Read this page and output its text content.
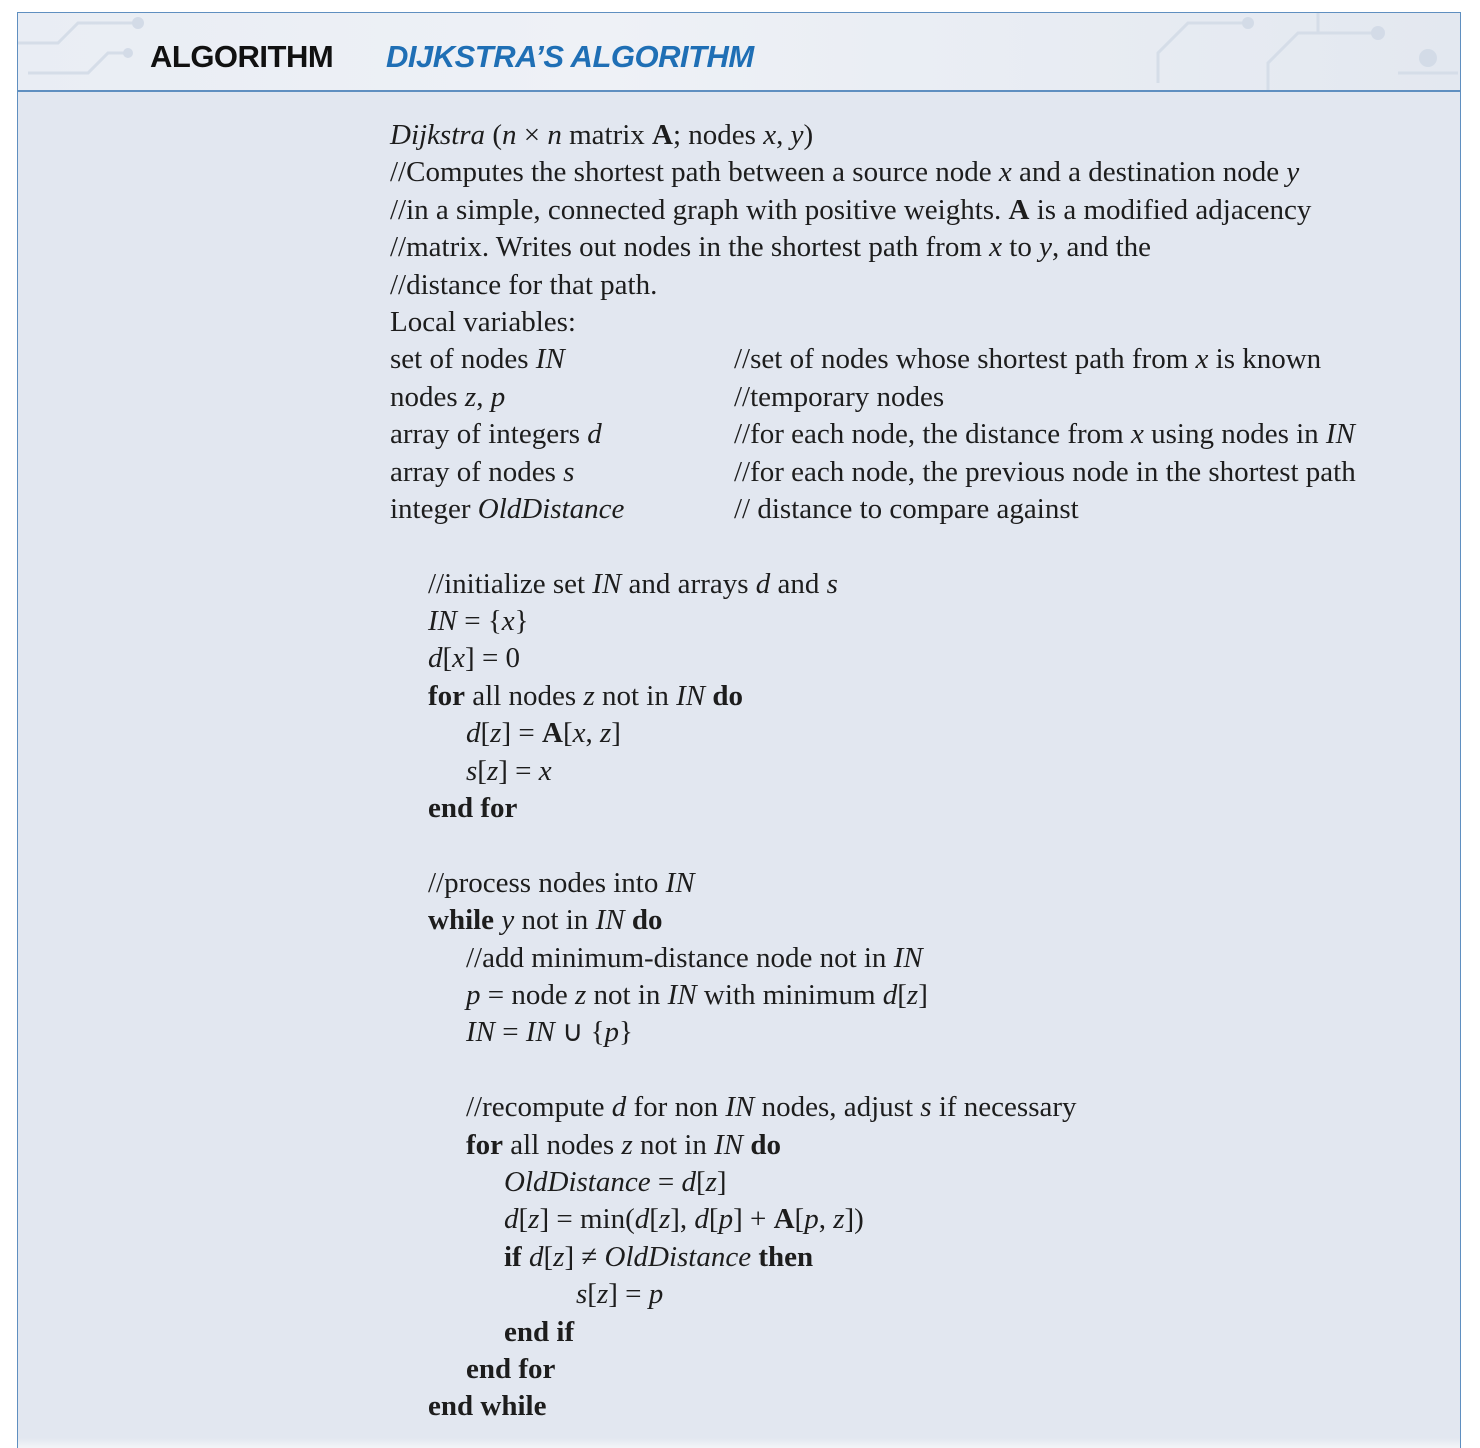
ALGORITHM DIJKSTRA’S ALGORITHM
Dijkstra (n × n matrix A; nodes x, y)
//Computes the shortest path between a source node x and a destination node y
//in a simple, connected graph with positive weights. A is a modified adjacency
//matrix. Writes out nodes in the shortest path from x to y, and the
//distance for that path.
Local variables:
set of nodes IN	//set of nodes whose shortest path from x is known
nodes z, p	//temporary nodes
array of integers d	//for each node, the distance from x using nodes in IN
array of nodes s	//for each node, the previous node in the shortest path
integer OldDistance	// distance to compare against
//initialize set IN and arrays d and s
IN = {x}
d[x] = 0
for all nodes z not in IN do
d[z] = A[x, z]
s[z] = x
end for
//process nodes into IN
while y not in IN do
//add minimum-distance node not in IN
p = node z not in IN with minimum d[z]
IN = IN ∪ {p}
//recompute d for non IN nodes, adjust s if necessary
for all nodes z not in IN do
OldDistance = d[z]
d[z] = min(d[z], d[p] + A[p, z])
if d[z] ≠ OldDistance then
s[z] = p
end if
end for
end while
